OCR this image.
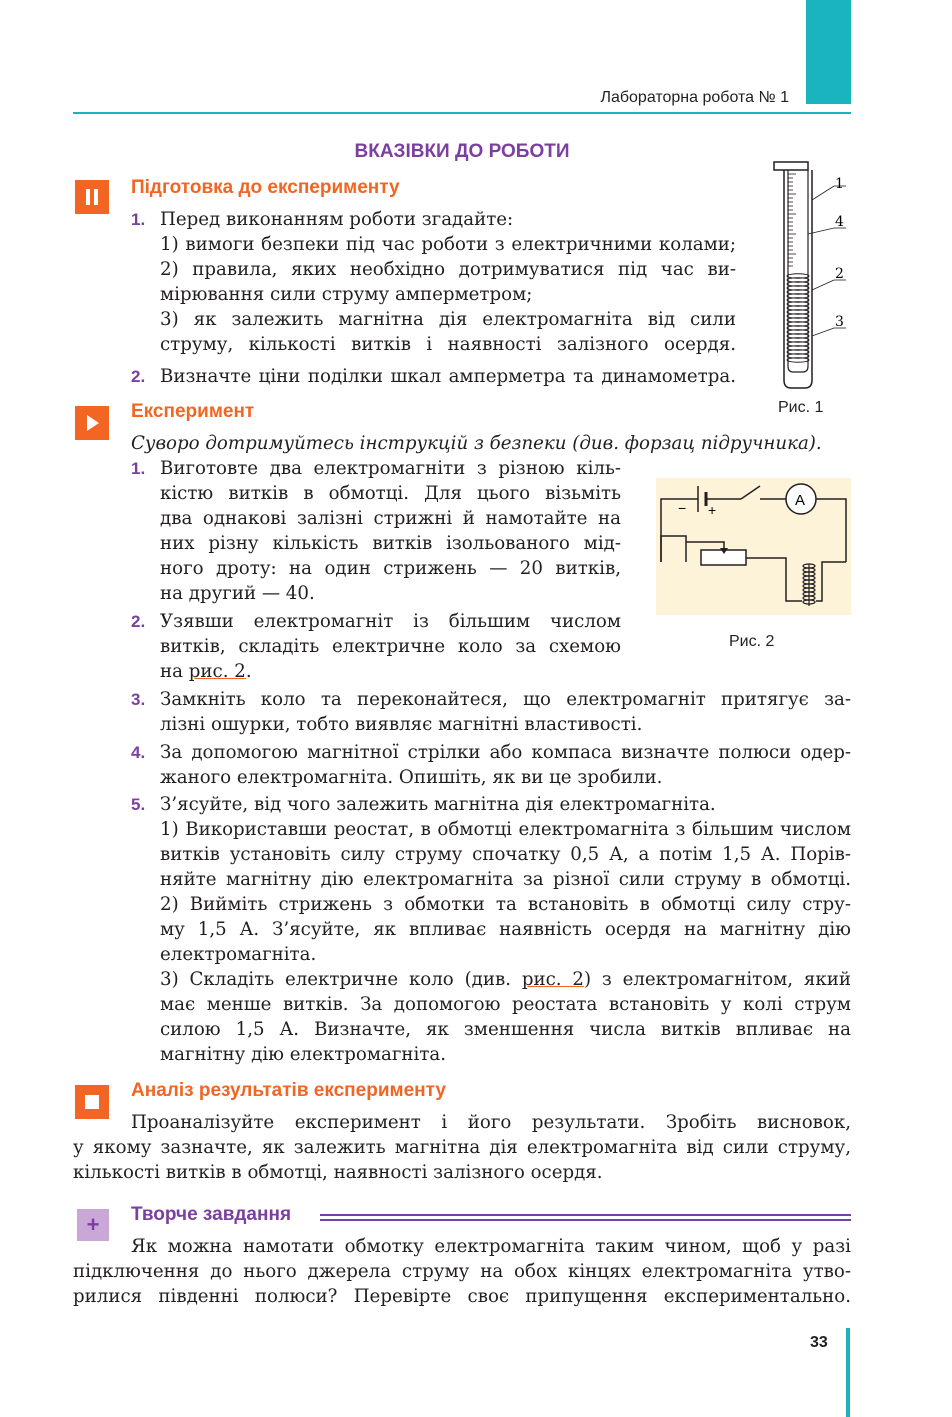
Лабораторна робота № 1
ВКАЗІВКИ ДО РОБОТИ
Підготовка до експерименту
1. Перед виконанням роботи згадайте:
1) вимоги безпеки під час роботи з електричними колами;
2) правила, яких необхідно дотримуватися під час ви-
мірювання сили струму амперметром;
3) як залежить магнітна дія електромагніта від сили
струму, кількості витків і наявності залізного осердя.
2. Визначте ціни поділки шкал амперметра та динамометра.
1
4
2
3
Рис. 1
Експеримент
Суворо дотримуйтесь інструкцій з безпеки (див. форзац підручника).
1. Виготовте два електромагніти з різною кіль-
кістю витків в обмотці. Для цього візьміть
два однакові залізні стрижні й намотайте на
них різну кількість витків ізольованого мід-
ного дроту: на один стрижень — 20 витків,
на другий — 40.
2. Узявши електромагніт із більшим числом
витків, складіть електричне коло за схемою
на рис. 2.
− +
A
Рис. 2
3. Замкніть коло та переконайтеся, що електромагніт притягує за-
лізні ошурки, тобто виявляє магнітні властивості.
4. За допомогою магнітної стрілки або компаса визначте полюси одер-
жаного електромагніта. Опишіть, як ви це зробили.
5. З’ясуйте, від чого залежить магнітна дія електромагніта.
1) Використавши реостат, в обмотці електромагніта з більшим числом
витків установіть силу струму спочатку 0,5 А, а потім 1,5 А. Порів-
няйте магнітну дію електромагніта за різної сили струму в обмотці.
2) Вийміть стрижень з обмотки та встановіть в обмотці силу стру-
му 1,5 А. З’ясуйте, як впливає наявність осердя на магнітну дію
електромагніта.
3) Складіть електричне коло (див. рис. 2) з електромагнітом, який
має менше витків. За допомогою реостата встановіть у колі струм
силою 1,5 А. Визначте, як зменшення числа витків впливає на
магнітну дію електромагніта.
Аналіз результатів експерименту
Проаналізуйте експеримент і його результати. Зробіть висновок,
у якому зазначте, як залежить магнітна дія електромагніта від сили струму,
кількості витків в обмотці, наявності залізного осердя.
+	Творче завдання
Як можна намотати обмотку електромагніта таким чином, щоб у разі
підключення до нього джерела струму на обох кінцях електромагніта утво-
рилися південні полюси? Перевірте своє припущення експериментально.
33
